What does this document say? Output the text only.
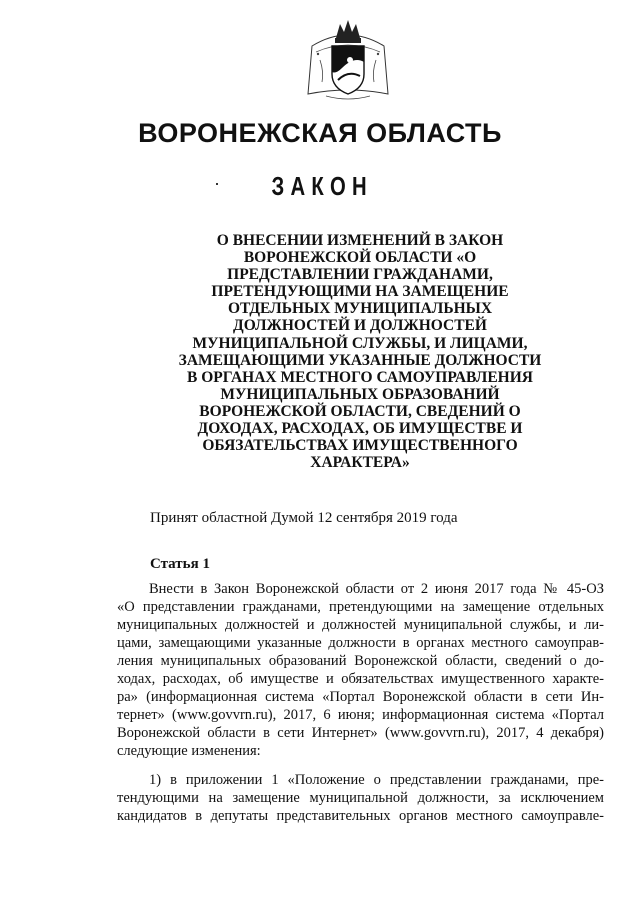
ВОРОНЕЖСКАЯ ОБЛАСТЬ
ЗАКОН
О ВНЕСЕНИИ ИЗМЕНЕНИЙ В ЗАКОН
ВОРОНЕЖСКОЙ ОБЛАСТИ «О
ПРЕДСТАВЛЕНИИ ГРАЖДАНАМИ,
ПРЕТЕНДУЮЩИМИ НА ЗАМЕЩЕНИЕ
ОТДЕЛЬНЫХ МУНИЦИПАЛЬНЫХ
ДОЛЖНОСТЕЙ И ДОЛЖНОСТЕЙ
МУНИЦИПАЛЬНОЙ СЛУЖБЫ, И ЛИЦАМИ,
ЗАМЕЩАЮЩИМИ УКАЗАННЫЕ ДОЛЖНОСТИ
В ОРГАНАХ МЕСТНОГО САМОУПРАВЛЕНИЯ
МУНИЦИПАЛЬНЫХ ОБРАЗОВАНИЙ
ВОРОНЕЖСКОЙ ОБЛАСТИ, СВЕДЕНИЙ О
ДОХОДАХ, РАСХОДАХ, ОБ ИМУЩЕСТВЕ И
ОБЯЗАТЕЛЬСТВАХ ИМУЩЕСТВЕННОГО
ХАРАКТЕРА»
Принят областной Думой 12 сентября 2019 года
Статья 1
Внести в Закон Воронежской области от 2 июня 2017 года № 45-ОЗ
«О представлении гражданами, претендующими на замещение отдельных
муниципальных должностей и должностей муниципальной службы, и ли-
цами, замещающими указанные должности в органах местного самоуправ-
ления муниципальных образований Воронежской области, сведений о до-
ходах, расходах, об имуществе и обязательствах имущественного характе-
ра» (информационная система «Портал Воронежской области в сети Ин-
тернет» (www.govvrn.ru), 2017, 6 июня; информационная система «Портал
Воронежской области в сети Интернет» (www.govvrn.ru), 2017, 4 декабря)
следующие изменения:
1) в приложении 1 «Положение о представлении гражданами, пре-
тендующими на замещение муниципальной должности, за исключением
кандидатов в депутаты представительных органов местного самоуправле-
